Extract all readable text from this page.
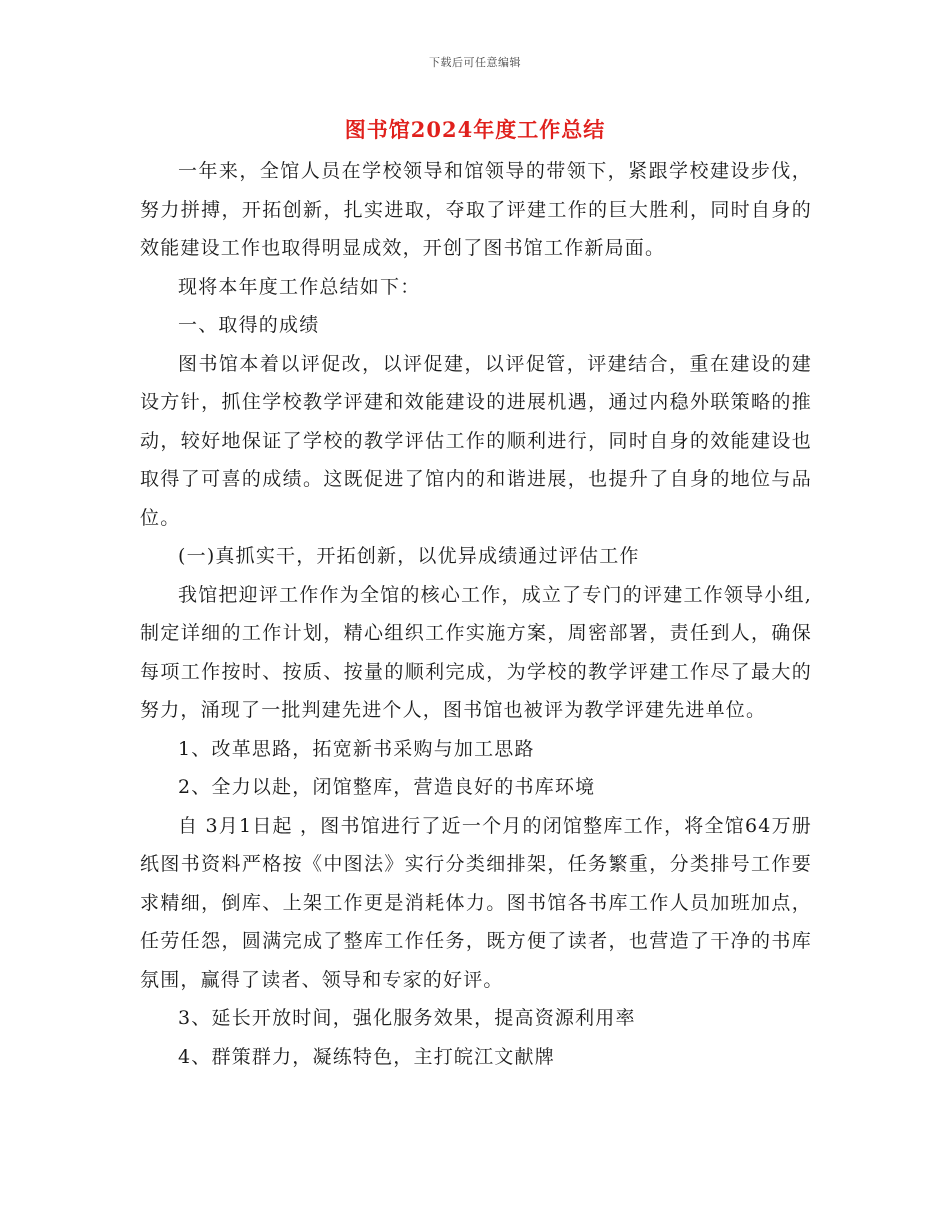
下载后可任意编辑
图书馆2024年度工作总结

一年来，全馆人员在学校领导和馆领导的带领下，紧跟学校建设步伐，努力拼搏，开拓创新，扎实进取，夺取了评建工作的巨大胜利，同时自身的效能建设工作也取得明显成效，开创了图书馆工作新局面。

现将本年度工作总结如下：

一、取得的成绩

图书馆本着以评促改，以评促建，以评促管，评建结合，重在建设的建设方针，抓住学校教学评建和效能建设的进展机遇，通过内稳外联策略的推动，较好地保证了学校的教学评估工作的顺利进行，同时自身的效能建设也取得了可喜的成绩。这既促进了馆内的和谐进展，也提升了自身的地位与品位。

(一)真抓实干，开拓创新，以优异成绩通过评估工作

我馆把迎评工作作为全馆的核心工作，成立了专门的评建工作领导小组,制定详细的工作计划，精心组织工作实施方案，周密部署，责任到人，确保每项工作按时、按质、按量的顺利完成，为学校的教学评建工作尽了最大的努力，涌现了一批判建先进个人，图书馆也被评为教学评建先进单位。

1、改革思路，拓宽新书采购与加工思路

2、全力以赴，闭馆整库，营造良好的书库环境

自 3月1日起 ，图书馆进行了近一个月的闭馆整库工作，将全馆64万册纸图书资料严格按《中图法》实行分类细排架，任务繁重，分类排号工作要求精细，倒库、上架工作更是消耗体力。图书馆各书库工作人员加班加点，任劳任怨，圆满完成了整库工作任务，既方便了读者，也营造了干净的书库氛围，赢得了读者、领导和专家的好评。

3、延长开放时间，强化服务效果，提高资源利用率

4、群策群力，凝练特色，主打皖江文献牌
